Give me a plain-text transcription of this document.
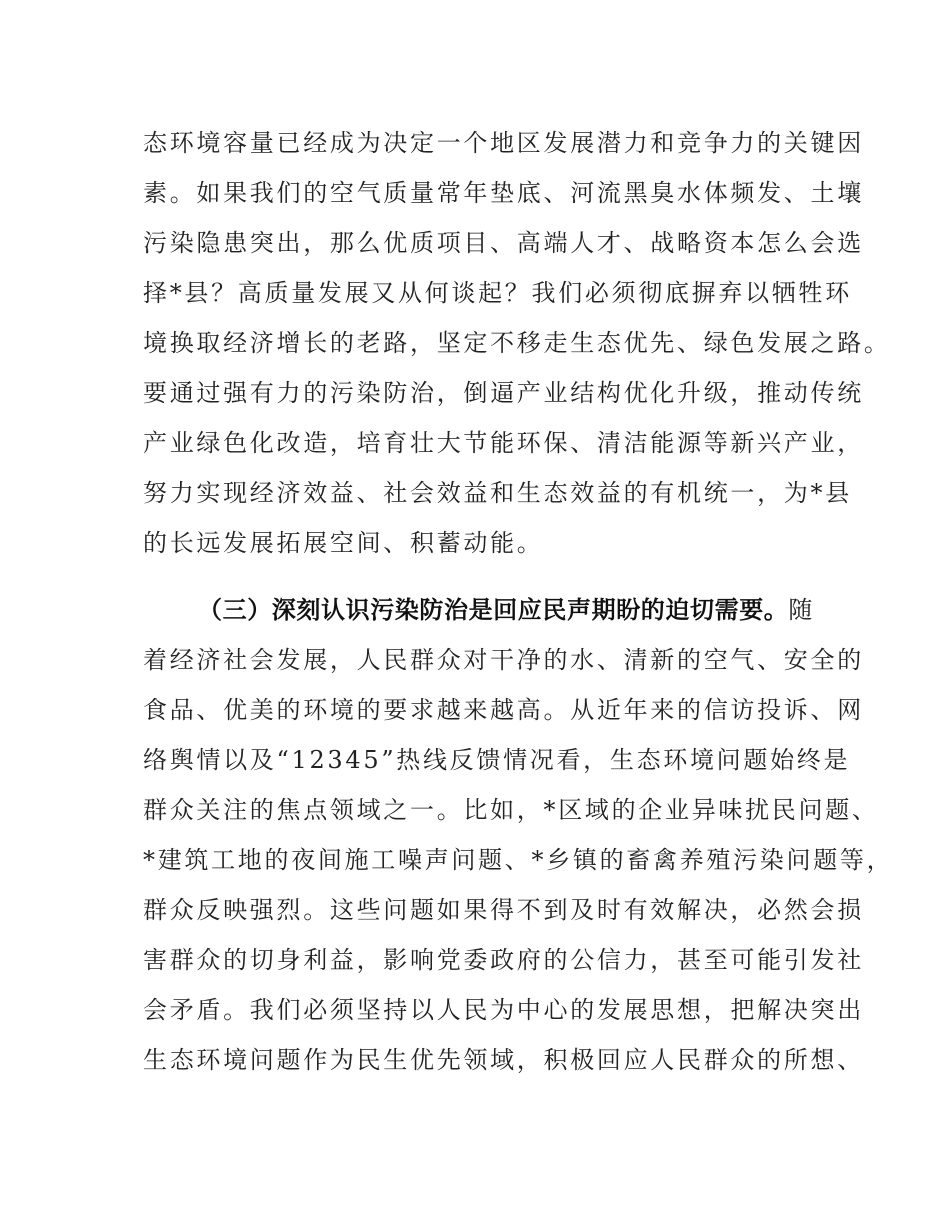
态环境容量已经成为决定一个地区发展潜力和竞争力的关键因
素。如果我们的空气质量常年垫底、河流黑臭水体频发、土壤
污染隐患突出，那么优质项目、高端人才、战略资本怎么会选
择*县？高质量发展又从何谈起？我们必须彻底摒弃以牺牲环
境换取经济增长的老路，坚定不移走生态优先、绿色发展之路。
要通过强有力的污染防治，倒逼产业结构优化升级，推动传统
产业绿色化改造，培育壮大节能环保、清洁能源等新兴产业，
努力实现经济效益、社会效益和生态效益的有机统一，为*县
的长远发展拓展空间、积蓄动能。
（三）深刻认识污染防治是回应民声期盼的迫切需要。随
着经济社会发展，人民群众对干净的水、清新的空气、安全的
食品、优美的环境的要求越来越高。从近年来的信访投诉、网
络舆情以及“12345”热线反馈情况看，生态环境问题始终是
群众关注的焦点领域之一。比如，*区域的企业异味扰民问题、
*建筑工地的夜间施工噪声问题、*乡镇的畜禽养殖污染问题等，
群众反映强烈。这些问题如果得不到及时有效解决，必然会损
害群众的切身利益，影响党委政府的公信力，甚至可能引发社
会矛盾。我们必须坚持以人民为中心的发展思想，把解决突出
生态环境问题作为民生优先领域，积极回应人民群众的所想、
